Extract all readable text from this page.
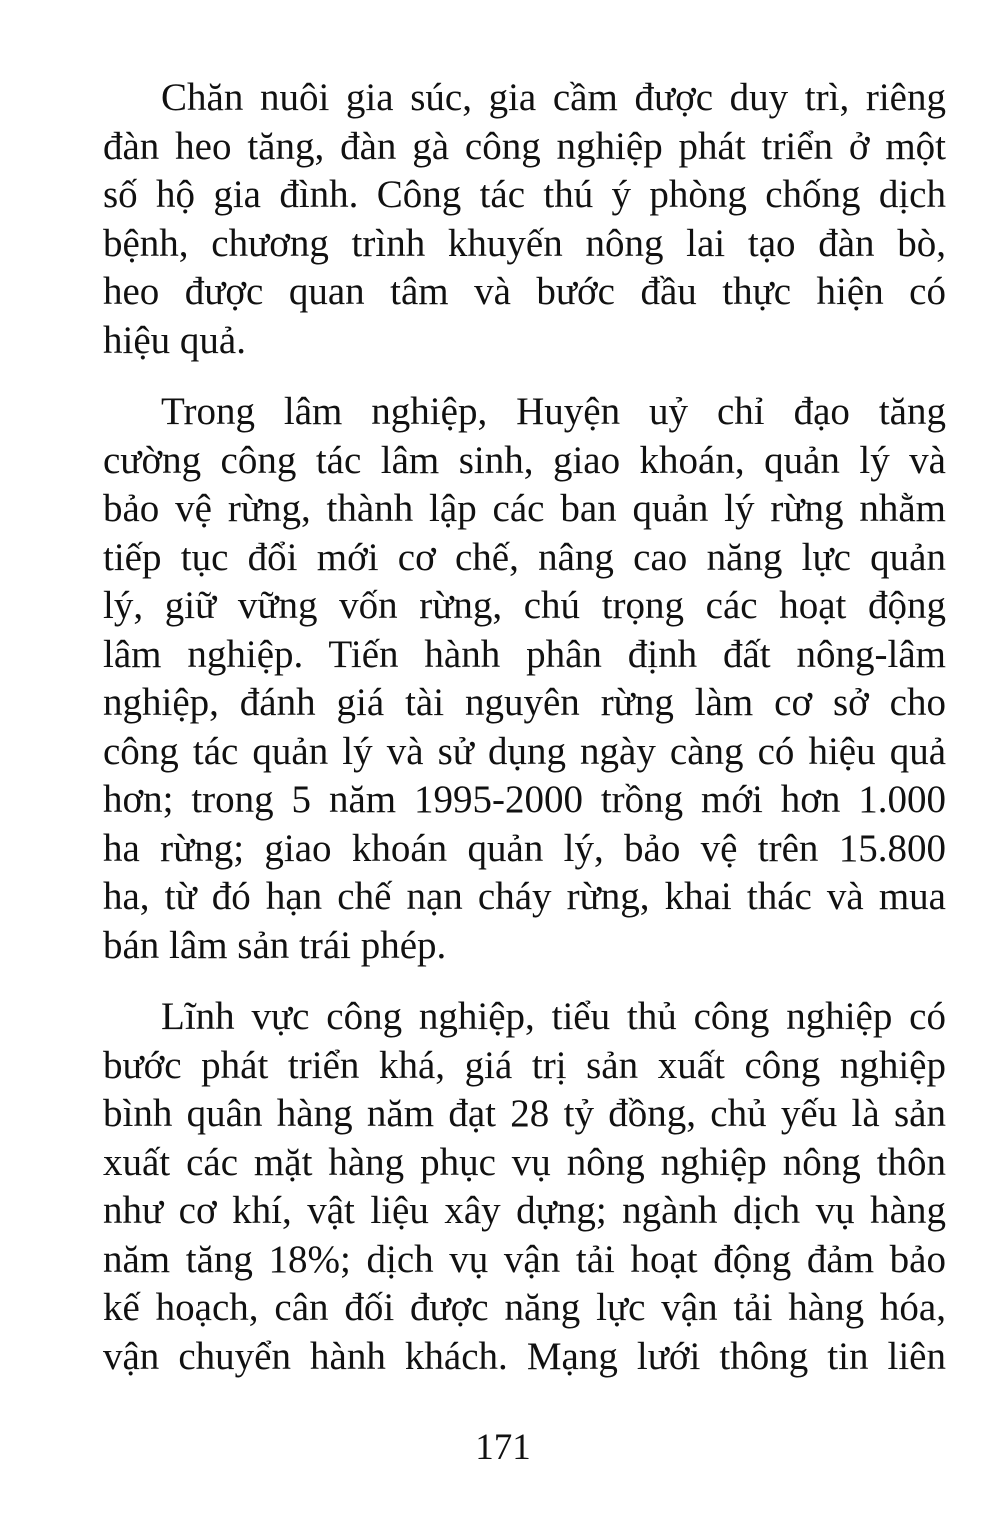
Chăn nuôi gia súc, gia cầm được duy trì, riêng
đàn heo tăng, đàn gà công nghiệp phát triển ở một
số hộ gia đình. Công tác thú ý phòng chống dịch
bệnh, chương trình khuyến nông lai tạo đàn bò,
heo được quan tâm và bước đầu thực hiện có
hiệu quả.

Trong lâm nghiệp, Huyện uỷ chỉ đạo tăng
cường công tác lâm sinh, giao khoán, quản lý và
bảo vệ rừng, thành lập các ban quản lý rừng nhằm
tiếp tục đổi mới cơ chế, nâng cao năng lực quản
lý, giữ vững vốn rừng, chú trọng các hoạt động
lâm nghiệp. Tiến hành phân định đất nông-lâm
nghiệp, đánh giá tài nguyên rừng làm cơ sở cho
công tác quản lý và sử dụng ngày càng có hiệu quả
hơn; trong 5 năm 1995-2000 trồng mới hơn 1.000
ha rừng; giao khoán quản lý, bảo vệ trên 15.800
ha, từ đó hạn chế nạn cháy rừng, khai thác và mua
bán lâm sản trái phép.

Lĩnh vực công nghiệp, tiểu thủ công nghiệp có
bước phát triển khá, giá trị sản xuất công nghiệp
bình quân hàng năm đạt 28 tỷ đồng, chủ yếu là sản
xuất các mặt hàng phục vụ nông nghiệp nông thôn
như cơ khí, vật liệu xây dựng; ngành dịch vụ hàng
năm tăng 18%; dịch vụ vận tải hoạt động đảm bảo
kế hoạch, cân đối được năng lực vận tải hàng hóa,
vận chuyển hành khách. Mạng lưới thông tin liên

171
